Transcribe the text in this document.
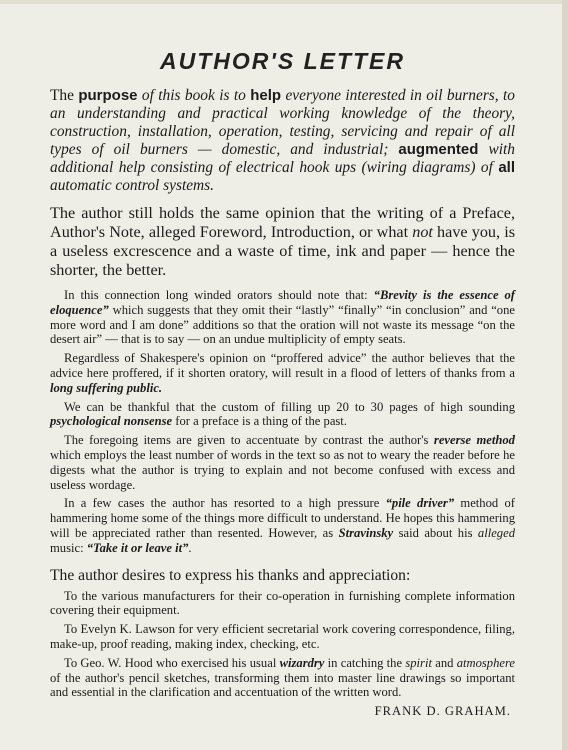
AUTHOR'S LETTER

The purpose of this book is to help everyone interested in oil burners, to an understanding and practical working knowledge of the theory, construction, installation, operation, testing, servicing and repair of all types of oil burners — domestic, and industrial; augmented with additional help consisting of electrical hook ups (wiring diagrams) of all automatic control systems.

The author still holds the same opinion that the writing of a Preface, Author's Note, alleged Foreword, Introduction, or what not have you, is a useless excrescence and a waste of time, ink and paper — hence the shorter, the better.

In this connection long winded orators should note that: “Brevity is the essence of eloquence” which suggests that they omit their “lastly” “finally” “in conclusion” and “one more word and I am done” additions so that the oration will not waste its message “on the desert air” — that is to say — on an undue multiplicity of empty seats.

Regardless of Shakespere's opinion on “proffered advice” the author believes that the advice here proffered, if it shorten oratory, will result in a flood of letters of thanks from a long suffering public.

We can be thankful that the custom of filling up 20 to 30 pages of high sounding psychological nonsense for a preface is a thing of the past.

The foregoing items are given to accentuate by contrast the author's reverse method which employs the least number of words in the text so as not to weary the reader before he digests what the author is trying to explain and not become confused with excess and useless wordage.

In a few cases the author has resorted to a high pressure “pile driver” method of hammering home some of the things more difficult to understand. He hopes this hammering will be appreciated rather than resented. However, as Stravinsky said about his alleged music: “Take it or leave it”.

The author desires to express his thanks and appreciation:

To the various manufacturers for their co-operation in furnishing complete information covering their equipment.

To Evelyn K. Lawson for very efficient secretarial work covering correspondence, filing, make-up, proof reading, making index, checking, etc.

To Geo. W. Hood who exercised his usual wizardry in catching the spirit and atmosphere of the author's pencil sketches, transforming them into master line drawings so important and essential in the clarification and accentuation of the written word.

FRANK D. GRAHAM.
